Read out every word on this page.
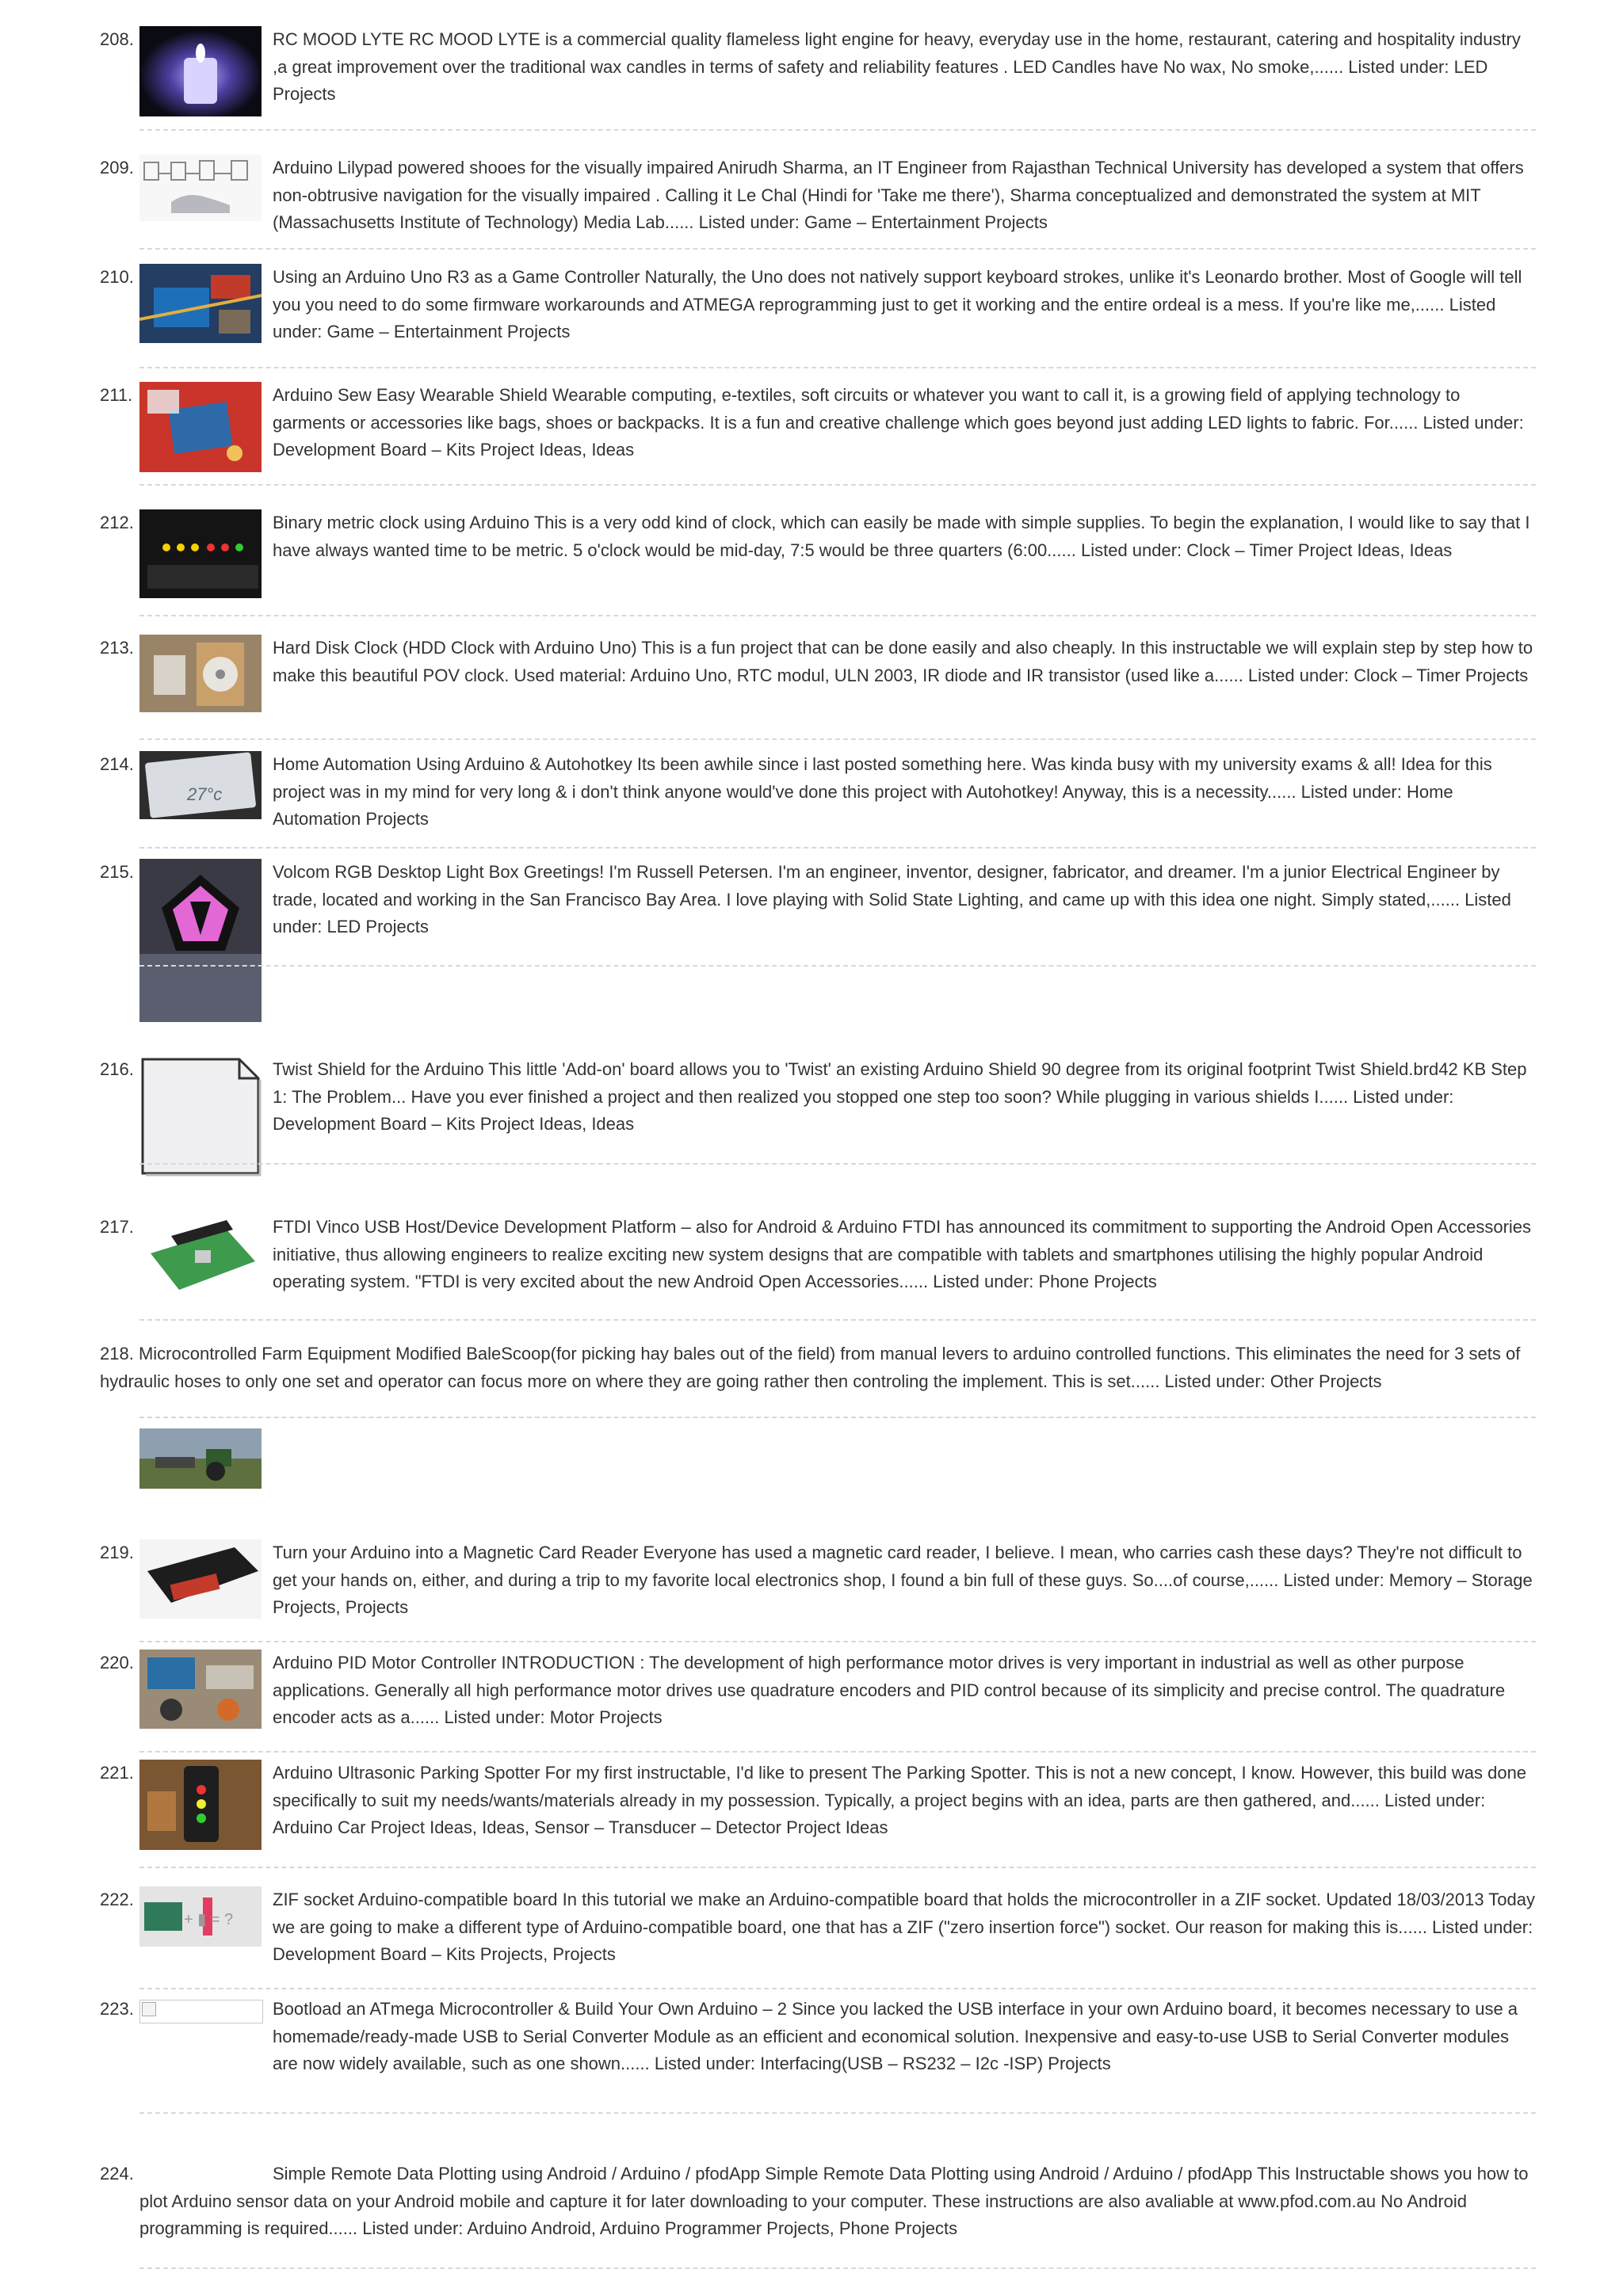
208.	RC MOOD LYTE RC MOOD LYTE is a commercial quality flameless light engine for heavy, everyday use in the home, restaurant, catering and hospitality industry ,a great improvement over the traditional wax candles in terms of safety and reliability features . LED Candles have No wax, No smoke,...... Listed under: LED Projects

209.	Arduino Lilypad powered shooes for the visually impaired Anirudh Sharma, an IT Engineer from Rajasthan Technical University has developed a system that offers non-obtrusive navigation for the visually impaired . Calling it Le Chal (Hindi for 'Take me there'), Sharma conceptualized and demonstrated the system at MIT (Massachusetts Institute of Technology) Media Lab...... Listed under: Game – Entertainment Projects

210.	Using an Arduino Uno R3 as a Game Controller Naturally, the Uno does not natively support keyboard strokes, unlike it's Leonardo brother. Most of Google will tell you you need to do some firmware workarounds and ATMEGA reprogramming just to get it working and the entire ordeal is a mess. If you're like me,...... Listed under: Game – Entertainment Projects

211.	Arduino Sew Easy Wearable Shield Wearable computing, e-textiles, soft circuits or whatever you want to call it, is a growing field of applying technology to garments or accessories like bags, shoes or backpacks. It is a fun and creative challenge which goes beyond just adding LED lights to fabric. For...... Listed under: Development Board – Kits Project Ideas, Ideas

212.	Binary metric clock using Arduino This is a very odd kind of clock, which can easily be made with simple supplies. To begin the explanation, I would like to say that I have always wanted time to be metric. 5 o'clock would be mid-day, 7:5 would be three quarters (6:00...... Listed under: Clock – Timer Project Ideas, Ideas

213.	Hard Disk Clock (HDD Clock with Arduino Uno) This is a fun project that can be done easily and also cheaply. In this instructable we will explain step by step how to make this beautiful POV clock. Used material: Arduino Uno, RTC modul, ULN 2003, IR diode and IR transistor (used like a...... Listed under: Clock – Timer Projects

214.
27°c

Home Automation Using Arduino & Autohotkey Its been awhile since i last posted something here. Was kinda busy with my university exams & all! Idea for this project was in my mind for very long & i don't think anyone would've done this project with Autohotkey! Anyway, this is a necessity...... Listed under: Home Automation Projects

215.	Volcom RGB Desktop Light Box Greetings! I'm Russell Petersen. I'm an engineer, inventor, designer, fabricator, and dreamer. I'm a junior Electrical Engineer by trade, located and working in the San Francisco Bay Area. I love playing with Solid State Lighting, and came up with this idea one night. Simply stated,...... Listed under: LED Projects

216.	Twist Shield for the Arduino This little 'Add-on' board allows you to 'Twist' an existing Arduino Shield 90 degree from its original footprint Twist Shield.brd42 KB Step 1: The Problem... Have you ever finished a project and then realized you stopped one step too soon? While plugging in various shields I...... Listed under: Development Board – Kits Project Ideas, Ideas

217.	FTDI Vinco USB Host/Device Development Platform – also for Android & Arduino FTDI has announced its commitment to supporting the Android Open Accessories initiative, thus allowing engineers to realize exciting new system designs that are compatible with tablets and smartphones utilising the highly popular Android operating system. "FTDI is very excited about the new Android Open Accessories...... Listed under: Phone Projects

218. Microcontrolled Farm Equipment Modified BaleScoop(for picking hay bales out of the field) from manual levers to arduino controlled functions. This eliminates the need for 3 sets of hydraulic hoses to only one set and operator can focus more on where they are going rather then controling the implement. This is set...... Listed under: Other Projects

219.	Turn your Arduino into a Magnetic Card Reader Everyone has used a magnetic card reader, I believe. I mean, who carries cash these days? They're not difficult to get your hands on, either, and during a trip to my favorite local electronics shop, I found a bin full of these guys. So....of course,...... Listed under: Memory – Storage Projects, Projects

220.	Arduino PID Motor Controller INTRODUCTION : The development of high performance motor drives is very important in industrial as well as other purpose applications. Generally all high performance motor drives use quadrature encoders and PID control because of its simplicity and precise control. The quadrature encoder acts as a...... Listed under: Motor Projects

221.	Arduino Ultrasonic Parking Spotter For my first instructable, I'd like to present The Parking Spotter. This is not a new concept, I know. However, this build was done specifically to suit my needs/wants/materials already in my possession. Typically, a project begins with an idea, parts are then gathered, and...... Listed under: Arduino Car Project Ideas, Ideas, Sensor – Transducer – Detector Project Ideas

222.
+ ▮ = ?

ZIF socket Arduino-compatible board In this tutorial we make an Arduino-compatible board that holds the microcontroller in a ZIF socket. Updated 18/03/2013 Today we are going to make a different type of Arduino-compatible board, one that has a ZIF ("zero insertion force") socket. Our reason for making this is...... Listed under: Development Board – Kits Projects, Projects

223.	Bootload an ATmega Microcontroller & Build Your Own Arduino – 2 Since you lacked the USB interface in your own Arduino board, it becomes necessary to use a homemade/ready-made USB to Serial Converter Module as an efficient and economical solution. Inexpensive and easy-to-use USB to Serial Converter modules are now widely available, such as one shown...... Listed under: Interfacing(USB – RS232 – I2c -ISP) Projects

224.	Simple Remote Data Plotting using Android / Arduino / pfodApp Simple Remote Data Plotting using Android / Arduino / pfodApp This Instructable shows you how to plot Arduino sensor data on your Android mobile and capture it for later downloading to your computer. These instructions are also avaliable at www.pfod.com.au No Android programming is required...... Listed under: Arduino Android, Arduino Programmer Projects, Phone Projects
